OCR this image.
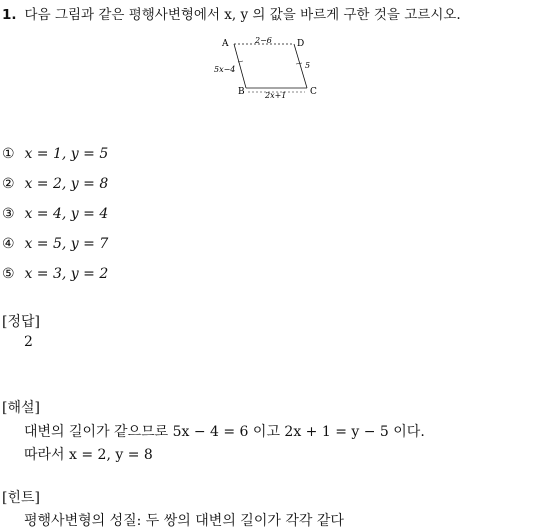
1. 다음 그림과 같은 평행사변형에서 x, y 의 값을 바르게 구한 것을 고르시오.
A	D
B	C
2−6
5x−4	5
2x+1
① x = 1, y = 5
② x = 2, y = 8
③ x = 4, y = 4
④ x = 5, y = 7
⑤ x = 3, y = 2
[정답]
2
[해설]
대변의 길이가 같으므로 5x − 4 = 6 이고 2x + 1 = y − 5 이다.
따라서 x = 2, y = 8
[힌트]
평행사변형의 성질: 두 쌍의 대변의 길이가 각각 같다
